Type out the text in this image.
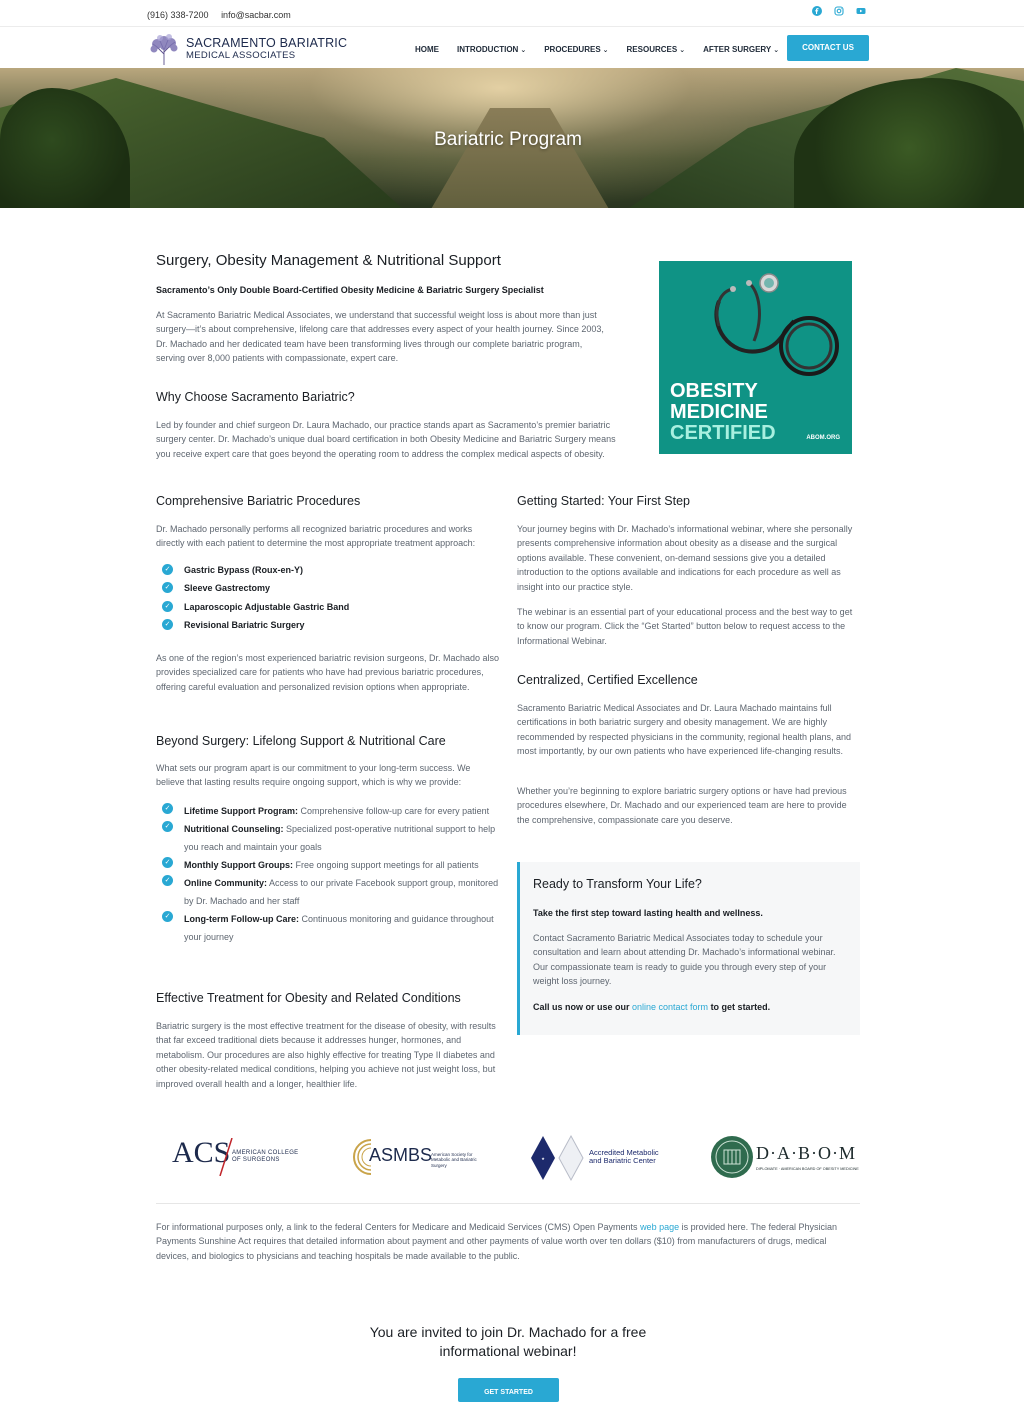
(916) 338-7200 info@sacbar.com
SACRAMENTO BARIATRIC
MEDICAL ASSOCIATES
HOME INTRODUCTION ⌄ PROCEDURES ⌄ RESOURCES ⌄ AFTER SURGERY ⌄	CONTACT US
Bariatric Program
Surgery, Obesity Management & Nutritional Support
Sacramento’s Only Double Board-Certified Obesity Medicine & Bariatric Surgery Specialist

At Sacramento Bariatric Medical Associates, we understand that successful weight loss is about more than just surgery—it’s about comprehensive, lifelong care that addresses every aspect of your health journey. Since 2003, Dr. Machado and her dedicated team have been transforming lives through our complete bariatric program, serving over 8,000 patients with compassionate, expert care.

OBESITY
MEDICINE
CERTIFIED	ABOM.ORG
Why Choose Sacramento Bariatric?

Led by founder and chief surgeon Dr. Laura Machado, our practice stands apart as Sacramento’s premier bariatric surgery center. Dr. Machado’s unique dual board certification in both Obesity Medicine and Bariatric Surgery means you receive expert care that goes beyond the operating room to address the complex medical aspects of obesity.

Comprehensive Bariatric Procedures

Dr. Machado personally performs all recognized bariatric procedures and works directly with each patient to determine the most appropriate treatment approach:

✓ Gastric Bypass (Roux-en-Y)
✓ Sleeve Gastrectomy
✓ Laparoscopic Adjustable Gastric Band
✓ Revisional Bariatric Surgery

As one of the region’s most experienced bariatric revision surgeons, Dr. Machado also provides specialized care for patients who have had previous bariatric procedures, offering careful evaluation and personalized revision options when appropriate.

Beyond Surgery: Lifelong Support & Nutritional Care

What sets our program apart is our commitment to your long-term success. We believe that lasting results require ongoing support, which is why we provide:

✓ Lifetime Support Program: Comprehensive follow-up care for every patient
✓ Nutritional Counseling: Specialized post-operative nutritional support to help you reach and maintain your goals
✓ Monthly Support Groups: Free ongoing support meetings for all patients
✓ Online Community: Access to our private Facebook support group, monitored by Dr. Machado and her staff
✓ Long-term Follow-up Care: Continuous monitoring and guidance throughout your journey
Effective Treatment for Obesity and Related Conditions

Bariatric surgery is the most effective treatment for the disease of obesity, with results that far exceed traditional diets because it addresses hunger, hormones, and metabolism. Our procedures are also highly effective for treating Type II diabetes and other obesity-related medical conditions, helping you achieve not just weight loss, but improved overall health and a longer, healthier life.

Getting Started: Your First Step

Your journey begins with Dr. Machado’s informational webinar, where she personally presents comprehensive information about obesity as a disease and the surgical options available. These convenient, on-demand sessions give you a detailed introduction to the options available and indications for each procedure as well as insight into our practice style.

The webinar is an essential part of your educational process and the best way to get to know our program. Click the “Get Started” button below to request access to the Informational Webinar.

Centralized, Certified Excellence

Sacramento Bariatric Medical Associates and Dr. Laura Machado maintains full certifications in both bariatric surgery and obesity management. We are highly recommended by respected physicians in the community, regional health plans, and most importantly, by our own patients who have experienced life-changing results.

Whether you’re beginning to explore bariatric surgery options or have had previous procedures elsewhere, Dr. Machado and our experienced team are here to provide the comprehensive, compassionate care you deserve.

Ready to Transform Your Life?
Take the first step toward lasting health and wellness.

Contact Sacramento Bariatric Medical Associates today to schedule your consultation and learn about attending Dr. Machado’s informational webinar. Our compassionate team is ready to guide you through every step of your weight loss journey.

Call us now or use our online contact form to get started.
ACS AMERICAN COLLEGE
OF SURGEONS	ASMBS
American Society for
Metabolic and Bariatric Surgery
★
Accredited Metabolic
and Bariatric Center	D·A·B·O·M
DIPLOMATE · AMERICAN BOARD OF OBESITY MEDICINE

For informational purposes only, a link to the federal Centers for Medicare and Medicaid Services (CMS) Open Payments web page is provided here. The federal Physician Payments Sunshine Act requires that detailed information about payment and other payments of value worth over ten dollars ($10) from manufacturers of drugs, medical devices, and biologics to physicians and teaching hospitals be made available to the public.

You are invited to join Dr. Machado for a free
informational webinar!
GET STARTED
